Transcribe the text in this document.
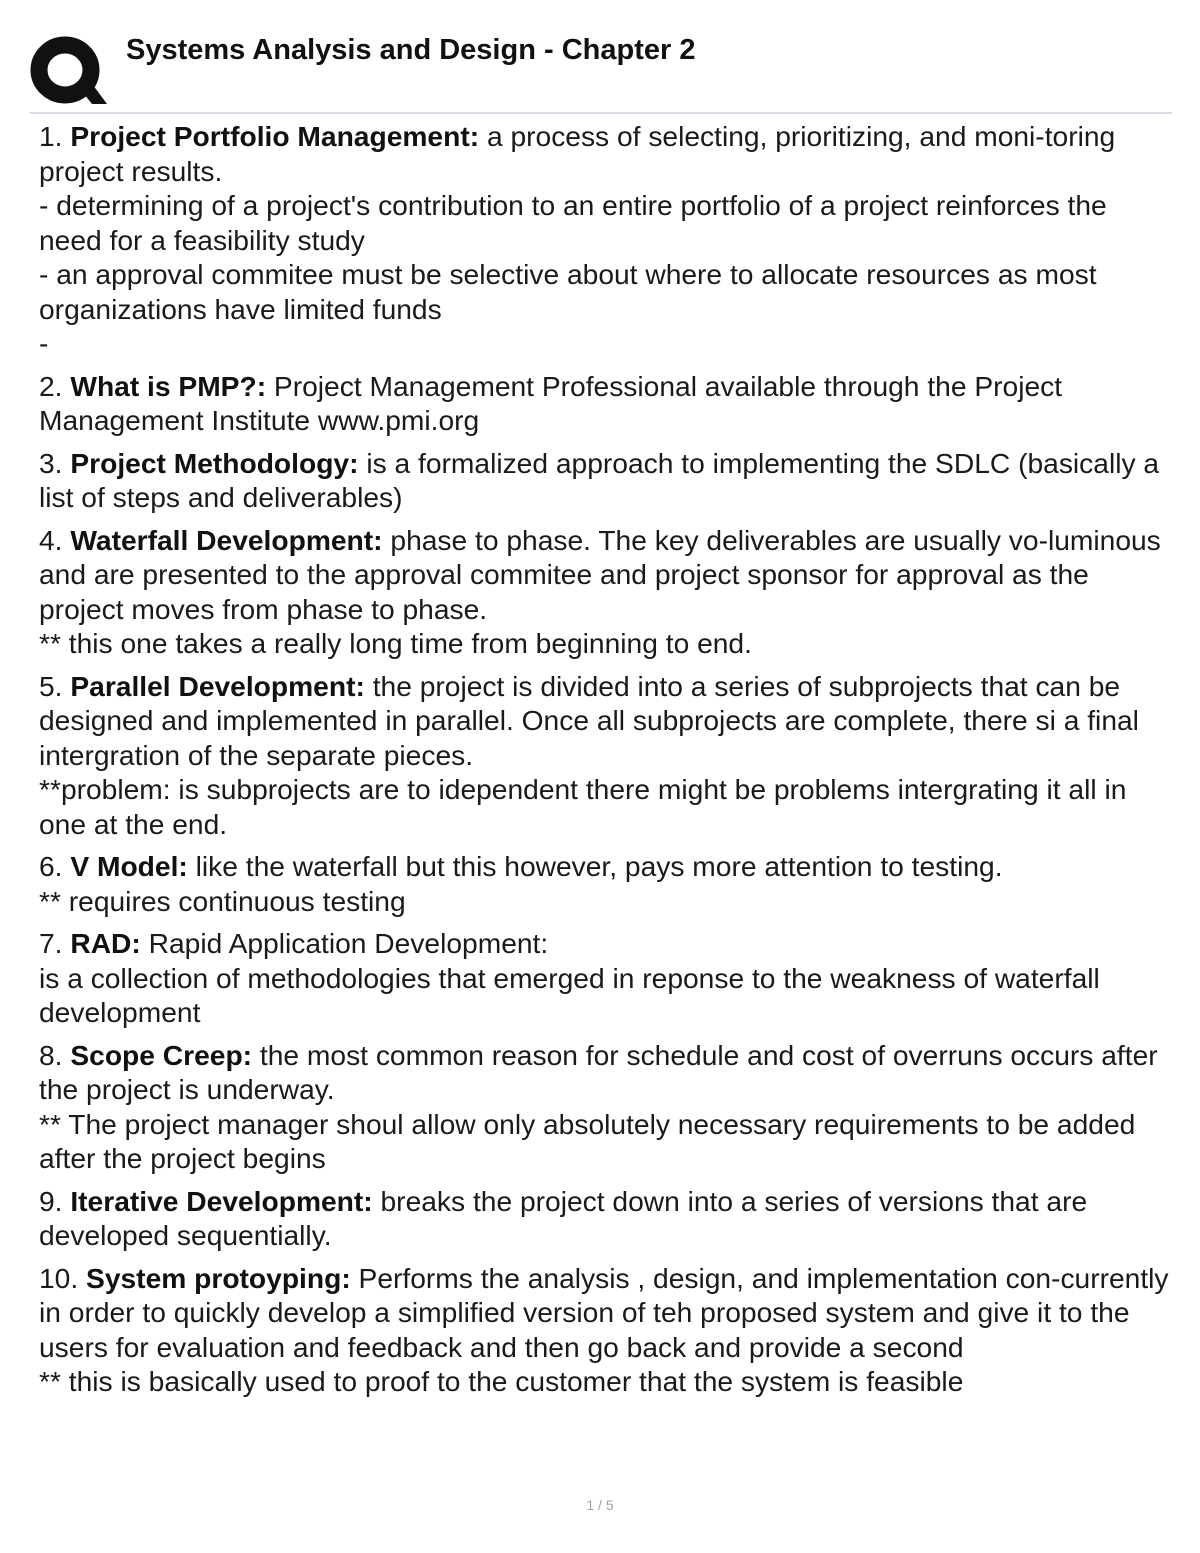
Systems Analysis and Design - Chapter 2

1. Project Portfolio Management: a process of selecting, prioritizing, and moni-toring project results.

- determining of a project's contribution to an entire portfolio of a project reinforces the need for a feasibility study

- an approval commitee must be selective about where to allocate resources as most organizations have limited funds

-

2. What is PMP?: Project Management Professional available through the Project Management Institute www.pmi.org

3. Project Methodology: is a formalized approach to implementing the SDLC (basically a list of steps and deliverables)

4. Waterfall Development: phase to phase. The key deliverables are usually vo-luminous and are presented to the approval commitee and project sponsor for approval as the project moves from phase to phase.

** this one takes a really long time from beginning to end.

5. Parallel Development: the project is divided into a series of subprojects that can be designed and implemented in parallel. Once all subprojects are complete, there si a final intergration of the separate pieces.

**problem: is subprojects are to idependent there might be problems intergrating it all in one at the end.

6. V Model: like the waterfall but this however, pays more attention to testing.

** requires continuous testing

7. RAD: Rapid Application Development:

is a collection of methodologies that emerged in reponse to the weakness of waterfall development

8. Scope Creep: the most common reason for schedule and cost of overruns occurs after the project is underway.

** The project manager shoul allow only absolutely necessary requirements to be added after the project begins

9. Iterative Development: breaks the project down into a series of versions that are developed sequentially.

10. System protoyping: Performs the analysis , design, and implementation con-currently in order to quickly develop a simplified version of teh proposed system and give it to the users for evaluation and feedback and then go back and provide a second

** this is basically used to proof to the customer that the system is feasible

1 / 5
